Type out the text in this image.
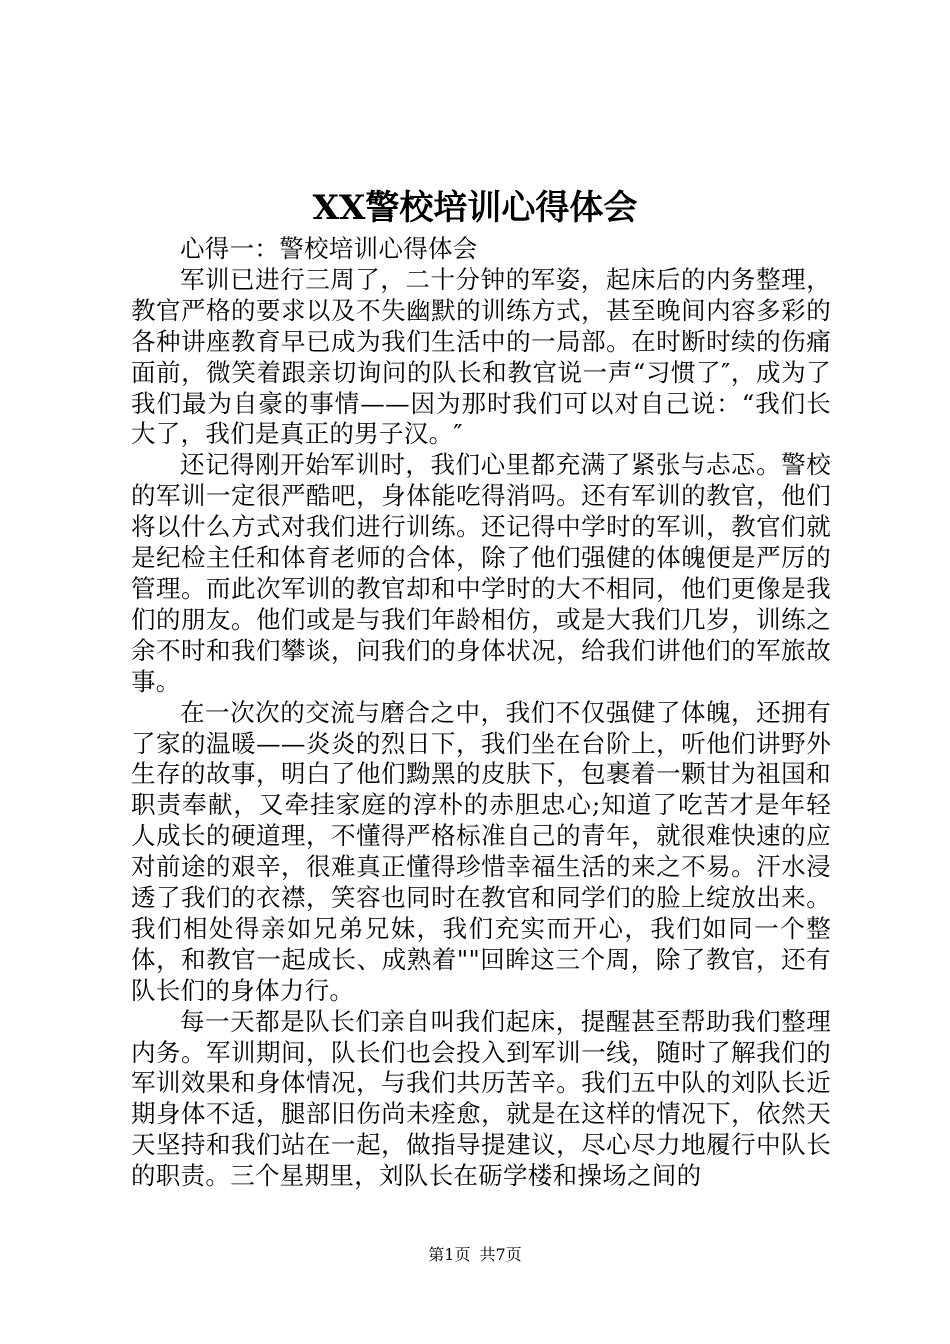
XX警校培训心得体会

心得一：警校培训心得体会

军训已进行三周了，二十分钟的军姿，起床后的内务整理，教官严格的要求以及不失幽默的训练方式，甚至晚间内容多彩的各种讲座教育早已成为我们生活中的一局部。在时断时续的伤痛面前，微笑着跟亲切询问的队长和教官说一声“习惯了″，成为了我们最为自豪的事情——因为那时我们可以对自己说：“我们长大了，我们是真正的男子汉。″

还记得刚开始军训时，我们心里都充满了紧张与忐忑。警校的军训一定很严酷吧，身体能吃得消吗。还有军训的教官，他们将以什么方式对我们进行训练。还记得中学时的军训，教官们就是纪检主任和体育老师的合体，除了他们强健的体魄便是严厉的管理。而此次军训的教官却和中学时的大不相同，他们更像是我们的朋友。他们或是与我们年龄相仿，或是大我们几岁，训练之余不时和我们攀谈，问我们的身体状况，给我们讲他们的军旅故事。

在一次次的交流与磨合之中，我们不仅强健了体魄，还拥有了家的温暖——炎炎的烈日下，我们坐在台阶上，听他们讲野外生存的故事，明白了他们黝黑的皮肤下，包裹着一颗甘为祖国和职责奉献，又牵挂家庭的淳朴的赤胆忠心;知道了吃苦才是年轻人成长的硬道理，不懂得严格标准自己的青年，就很难快速的应对前途的艰辛，很难真正懂得珍惜幸福生活的来之不易。汗水浸透了我们的衣襟，笑容也同时在教官和同学们的脸上绽放出来。我们相处得亲如兄弟兄妹，我们充实而开心，我们如同一个整体，和教官一起成长、成熟着""回眸这三个周，除了教官，还有队长们的身体力行。

每一天都是队长们亲自叫我们起床，提醒甚至帮助我们整理内务。军训期间，队长们也会投入到军训一线，随时了解我们的军训效果和身体情况，与我们共历苦辛。我们五中队的刘队长近期身体不适，腿部旧伤尚未痊愈，就是在这样的情况下，依然天天坚持和我们站在一起，做指导提建议，尽心尽力地履行中队长的职责。三个星期里，刘队长在砺学楼和操场之间的

第1页 共7页
